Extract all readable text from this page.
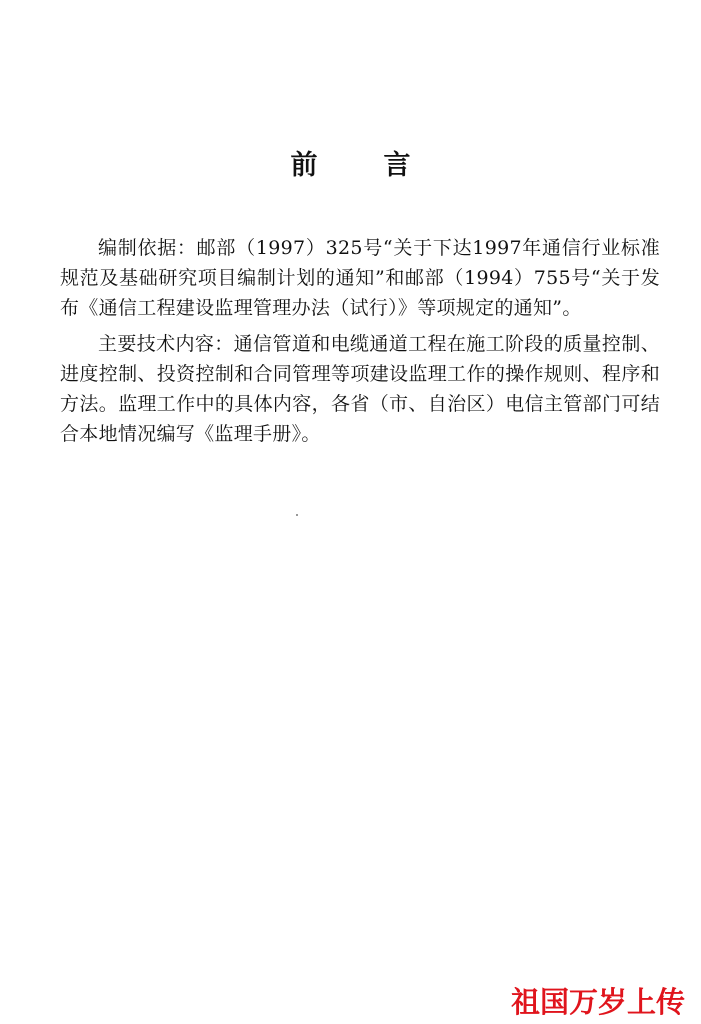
前言

编制依据：邮部（1997）325号“关于下达1997年通信行业标准规范及基础研究项目编制计划的通知”和邮部（1994）755号“关于发布《通信工程建设监理管理办法（试行）》等项规定的通知”。

主要技术内容：通信管道和电缆通道工程在施工阶段的质量控制、进度控制、投资控制和合同管理等项建设监理工作的操作规则、程序和方法。监理工作中的具体内容，各省（市、自治区）电信主管部门可结合本地情况编写《监理手册》。

祖国万岁上传
